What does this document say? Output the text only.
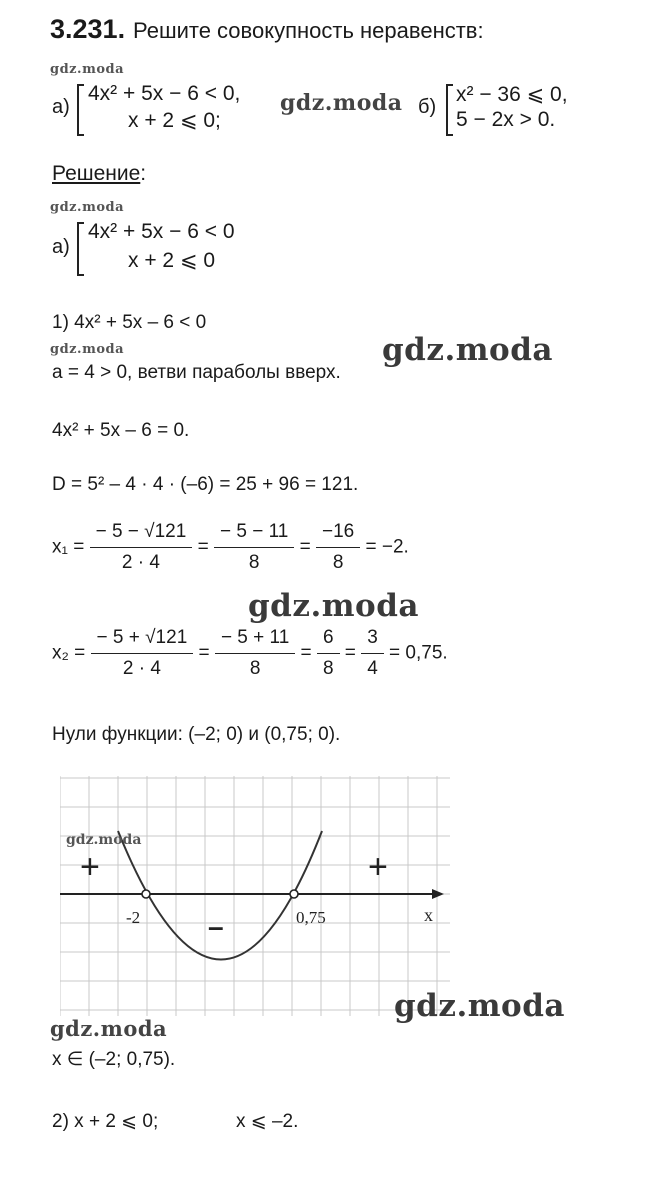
3.231. Решите совокупность неравенств:
gdz.moda
а)
4x² + 5x − 6 < 0,
x + 2 ⩽ 0;
gdz.moda б)
x² − 36 ⩽ 0,
5 − 2x > 0.
Решение:
gdz.moda
а)
4x² + 5x − 6 < 0
x + 2 ⩽ 0
1) 4x² + 5x – 6 < 0
gdz.moda	gdz.moda
a = 4 > 0, ветви параболы вверх.
4x² + 5x – 6 = 0.
D = 5² – 4 · 4 · (–6) = 25 + 96 = 121.
$x_1 = \frac{- 5 - √121}{2 \cdot 4} = \frac{- 5 - 11}{8} = \frac{-16}{8} = -2$.
gdz.moda
$x_2 = \frac{- 5 + √121}{2 \cdot 4} = \frac{- 5 + 11}{8} = \frac{6}{8} = \frac{3}{4} = 0,75$.
Нули функции: (–2; 0) и (0,75; 0).
gdz.moda
+	+
–
-2	0,75	x
gdz.moda
gdz.moda
x ∈ (–2; 0,75).
2) x + 2 ⩽ 0;	x ⩽ –2.
